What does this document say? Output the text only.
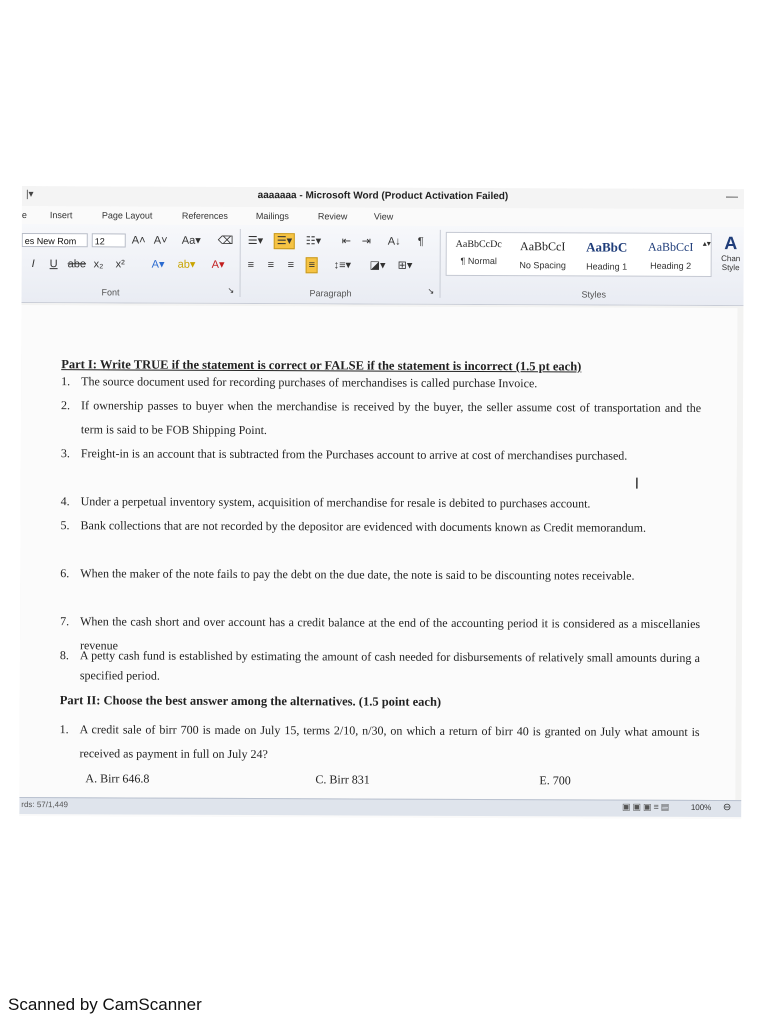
|▾	aaaaaaa - Microsoft Word (Product Activation Failed)	—
e	Insert	Page Layout	References	Mailings	Review	View
es New Rom	12	A˄ A˅ Aa▾ ⌫
I U abe x₂ x² A▾ ab▾ A▾
Font	↘
☰▾ ☰▾ ☷▾ ⇤ ⇥ A↓ ¶
≡ ≡ ≡ ≡ ↕≡▾ ◪▾ ⊞▾
Paragraph	↘
AaBbCcDc
¶ Normal
AaBbCcI
No Spacing
AaBbC
Heading 1
AaBbCcI
Heading 2
▴▾
Styles
A
Chan
Style
Part I: Write TRUE if the statement is correct or FALSE if the statement is incorrect (1.5 pt each)
1. The source document used for recording purchases of merchandises is called purchase Invoice.
2. If ownership passes to buyer when the merchandise is received by the buyer, the seller assume cost of transportation and the term is said to be FOB Shipping Point.
3. Freight-in is an account that is subtracted from the Purchases account to arrive at cost of merchandises purchased.
4. Under a perpetual inventory system, acquisition of merchandise for resale is debited to purchases account.
5. Bank collections that are not recorded by the depositor are evidenced with documents known as Credit memorandum.
6. When the maker of the note fails to pay the debt on the due date, the note is said to be discounting notes receivable.
7. When the cash short and over account has a credit balance at the end of the accounting period it is considered as a miscellanies revenue
8. A petty cash fund is established by estimating the amount of cash needed for disbursements of relatively small amounts during a specified period.
Part II: Choose the best answer among the alternatives. (1.5 point each)
1. A credit sale of birr 700 is made on July 15, terms 2/10, n/30, on which a return of birr 40 is granted on July what amount is received as payment in full on July 24?
A. Birr 646.8	C. Birr 831	E. 700
I
rds: 57/1,449	▣▣▣≡▤ 100% ⊖
Scanned by CamScanner
